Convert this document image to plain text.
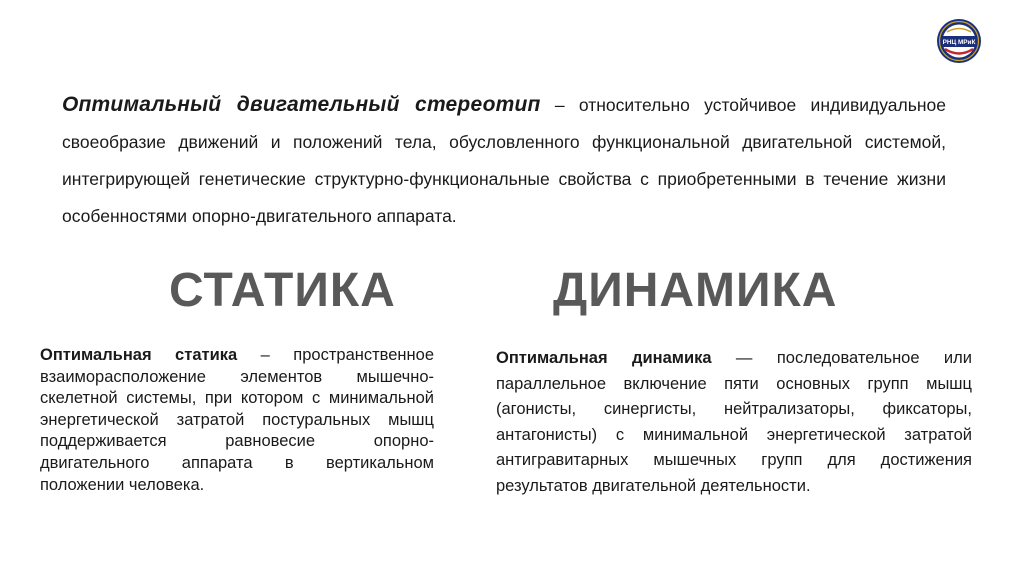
РНЦ МРиК
Оптимальный двигательный стереотип – относительно устойчивое индивидуальное своеобразие движений и положений тела, обусловленного функциональной двигательной системой, интегрирующей генетические структурно-функциональные свойства с приобретенными в течение жизни особенностями опорно-двигательного аппарата.
СТАТИКА	ДИНАМИКА
Оптимальная статика – пространственное взаиморасположение элементов мышечно-скелетной системы, при котором с минимальной энергетической затратой постуральных мышц поддерживается равновесие опорно-двигательного аппарата в вертикальном положении человека.
Оптимальная динамика — последовательное или параллельное включение пяти основных групп мышц (агонисты, синергисты, нейтрализаторы, фиксаторы, антагонисты) с минимальной энергетической затратой антигравитарных мышечных групп для достижения результатов двигательной деятельности.
